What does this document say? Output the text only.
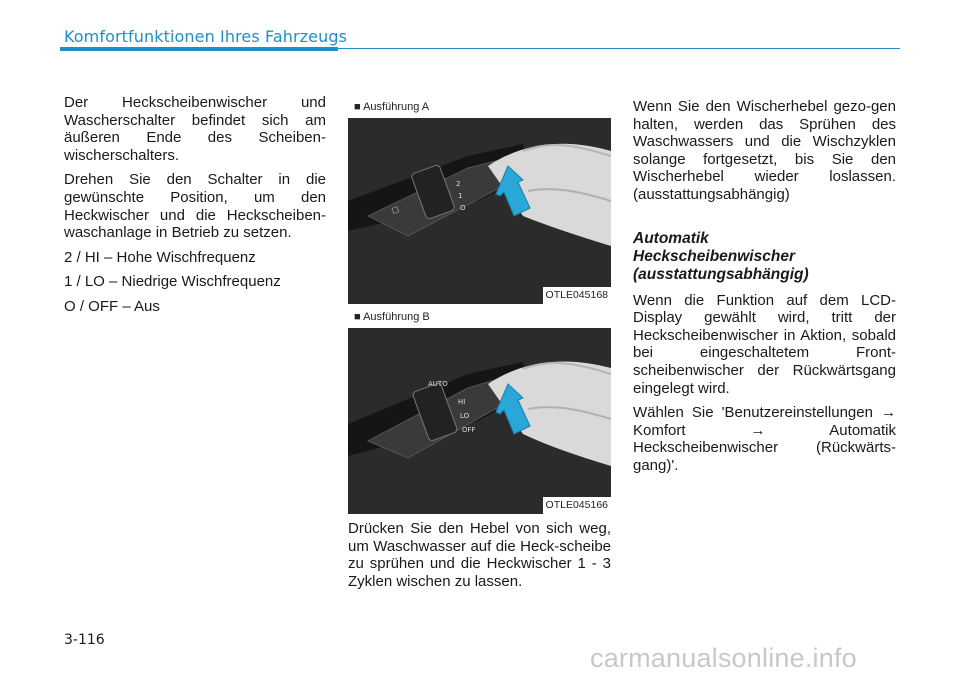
Komfortfunktionen Ihres Fahrzeugs

Der Heckscheibenwischer und Wascherschalter befindet sich am äußeren Ende des Scheiben-wischerschalters.

Drehen Sie den Schalter in die gewünschte Position, um den Heckwischer und die Heckscheiben-waschanlage in Betrieb zu setzen.

2 / HI – Hohe Wischfrequenz

1 / LO – Niedrige Wischfrequenz

O / OFF – Aus

☐
2
1
O
■ Ausführung A
OTLE045168
AUTO
HI
LO
OFF
■ Ausführung B
OTLE045166

Drücken Sie den Hebel von sich weg, um Waschwasser auf die Heck-scheibe zu sprühen und die Heckwischer 1 - 3 Zyklen wischen zu lassen.

Wenn Sie den Wischerhebel gezo-gen halten, werden das Sprühen des Waschwassers und die Wischzyklen solange fortgesetzt, bis Sie den Wischerhebel wieder loslassen. (ausstattungsabhängig)

Automatik
Heckscheibenwischer
(ausstattungsabhängig)

Wenn die Funktion auf dem LCD-Display gewählt wird, tritt der Heckscheibenwischer in Aktion, sobald bei eingeschaltetem Front-scheibenwischer der Rückwärtsgang eingelegt wird.

Wählen Sie 'Benutzereinstellungen → Komfort → Automatik Heckscheibenwischer (Rückwärts-gang)'.

3-116
carmanualsonline.info
